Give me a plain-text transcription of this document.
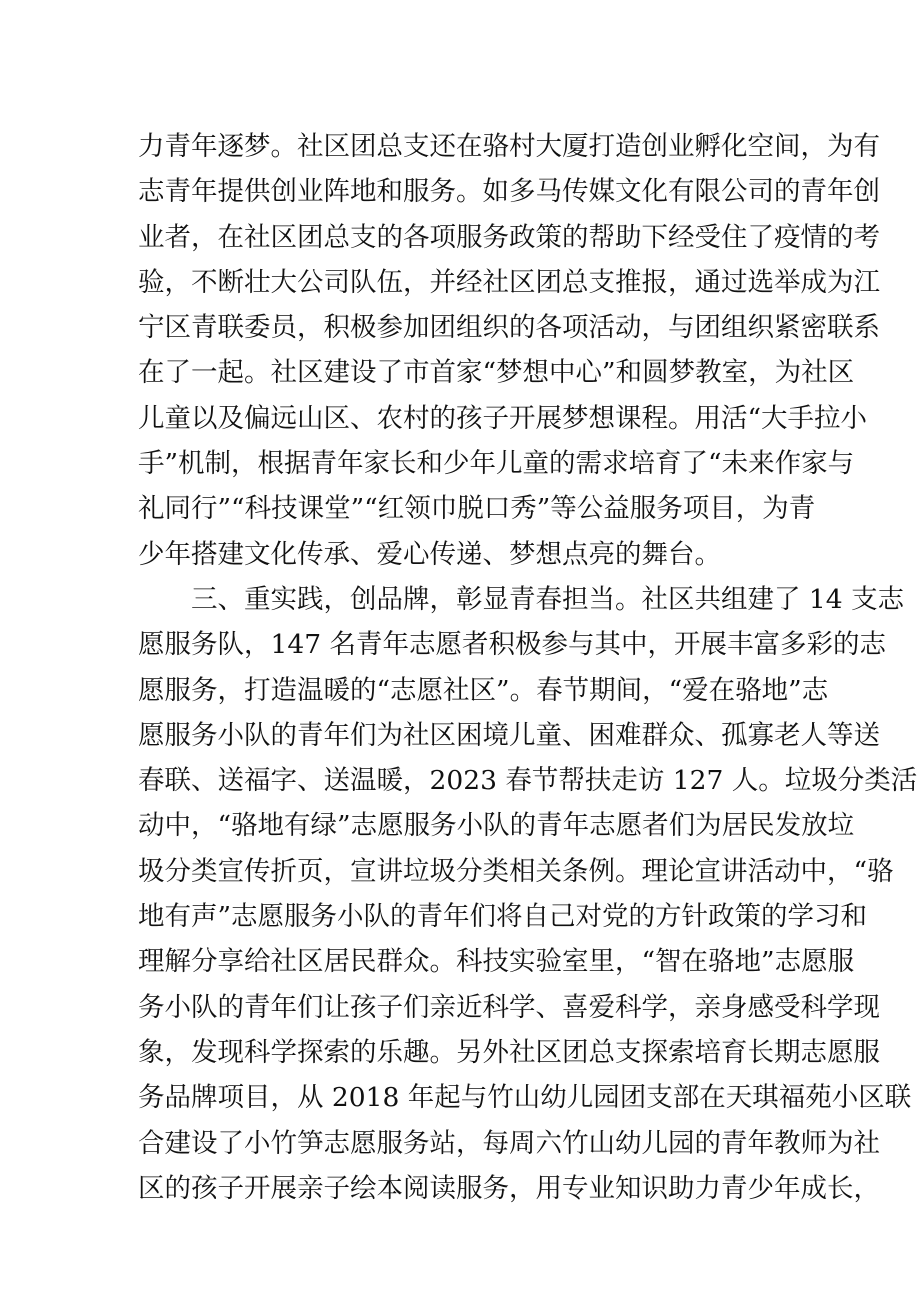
力青年逐梦。社区团总支还在骆村大厦打造创业孵化空间，为有
志青年提供创业阵地和服务。如多马传媒文化有限公司的青年创
业者，在社区团总支的各项服务政策的帮助下经受住了疫情的考
验，不断壮大公司队伍，并经社区团总支推报，通过选举成为江
宁区青联委员，积极参加团组织的各项活动，与团组织紧密联系
在了一起。社区建设了市首家“梦想中心”和圆梦教室，为社区
儿童以及偏远山区、农村的孩子开展梦想课程。用活“大手拉小
手”机制，根据青年家长和少年儿童的需求培育了“未来作家与
礼同行”“科技课堂”“红领巾脱口秀”等公益服务项目，为青
少年搭建文化传承、爱心传递、梦想点亮的舞台。
三、重实践，创品牌，彰显青春担当。社区共组建了 14 支志
愿服务队，147 名青年志愿者积极参与其中，开展丰富多彩的志
愿服务，打造温暖的“志愿社区”。春节期间，“爱在骆地”志
愿服务小队的青年们为社区困境儿童、困难群众、孤寡老人等送
春联、送福字、送温暖，2023 春节帮扶走访 127 人。垃圾分类活
动中，“骆地有绿”志愿服务小队的青年志愿者们为居民发放垃
圾分类宣传折页，宣讲垃圾分类相关条例。理论宣讲活动中，“骆
地有声”志愿服务小队的青年们将自己对党的方针政策的学习和
理解分享给社区居民群众。科技实验室里，“智在骆地”志愿服
务小队的青年们让孩子们亲近科学、喜爱科学，亲身感受科学现
象，发现科学探索的乐趣。另外社区团总支探索培育长期志愿服
务品牌项目，从 2018 年起与竹山幼儿园团支部在天琪福苑小区联
合建设了小竹笋志愿服务站，每周六竹山幼儿园的青年教师为社
区的孩子开展亲子绘本阅读服务，用专业知识助力青少年成长，
